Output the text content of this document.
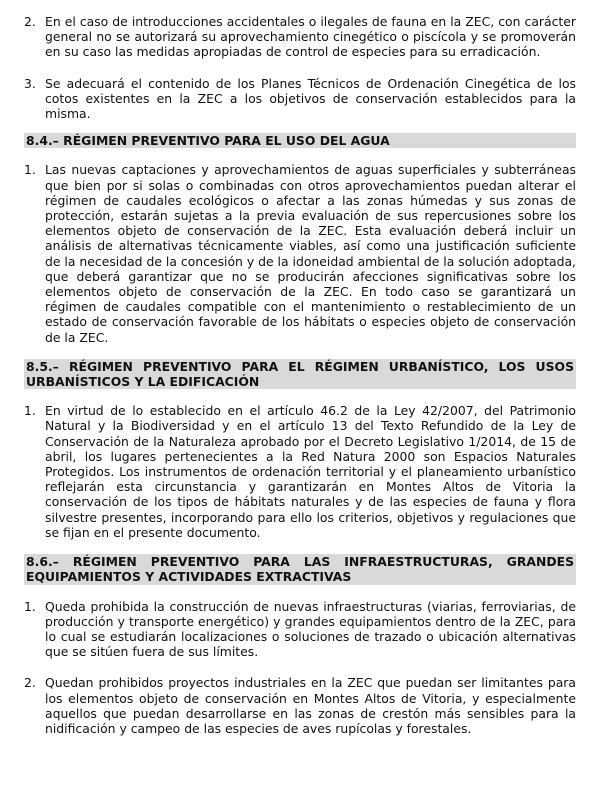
2. En el caso de introducciones accidentales o ilegales de fauna en la ZEC, con carácter general no se autorizará su aprovechamiento cinegético o piscícola y se promoverán en su caso las medidas apropiadas de control de especies para su erradicación.
3. Se adecuará el contenido de los Planes Técnicos de Ordenación Cinegética de los cotos existentes en la ZEC a los objetivos de conservación establecidos para la misma.
8.4.– RÉGIMEN PREVENTIVO PARA EL USO DEL AGUA
1. Las nuevas captaciones y aprovechamientos de aguas superficiales y subterráneas que bien por si solas o combinadas con otros aprovechamientos puedan alterar el régimen de caudales ecológicos o afectar a las zonas húmedas y sus zonas de protección, estarán sujetas a la previa evaluación de sus repercusiones sobre los elementos objeto de conservación de la ZEC. Esta evaluación deberá incluir un análisis de alternativas técnicamente viables, así como una justificación suficiente de la necesidad de la concesión y de la idoneidad ambiental de la solución adoptada, que deberá garantizar que no se producirán afecciones significativas sobre los elementos objeto de conservación de la ZEC. En todo caso se garantizará un régimen de caudales compatible con el mantenimiento o restablecimiento de un estado de conservación favorable de los hábitats o especies objeto de conservación de la ZEC.
8.5.– RÉGIMEN PREVENTIVO PARA EL RÉGIMEN URBANÍSTICO, LOS USOS URBANÍSTICOS Y LA EDIFICACIÓN
1. En virtud de lo establecido en el artículo 46.2 de la Ley 42/2007, del Patrimonio Natural y la Biodiversidad y en el artículo 13 del Texto Refundido de la Ley de Conservación de la Naturaleza aprobado por el Decreto Legislativo 1/2014, de 15 de abril, los lugares pertenecientes a la Red Natura 2000 son Espacios Naturales Protegidos. Los instrumentos de ordenación territorial y el planeamiento urbanístico reflejarán esta circunstancia y garantizarán en Montes Altos de Vitoria la conservación de los tipos de hábitats naturales y de las especies de fauna y flora silvestre presentes, incorporando para ello los criterios, objetivos y regulaciones que se fijan en el presente documento.
8.6.– RÉGIMEN PREVENTIVO PARA LAS INFRAESTRUCTURAS, GRANDES EQUIPAMIENTOS Y ACTIVIDADES EXTRACTIVAS
1. Queda prohibida la construcción de nuevas infraestructuras (viarias, ferroviarias, de producción y transporte energético) y grandes equipamientos dentro de la ZEC, para lo cual se estudiarán localizaciones o soluciones de trazado o ubicación alternativas que se sitúen fuera de sus límites.
2. Quedan prohibidos proyectos industriales en la ZEC que puedan ser limitantes para los elementos objeto de conservación en Montes Altos de Vitoria, y especialmente aquellos que puedan desarrollarse en las zonas de crestón más sensibles para la nidificación y campeo de las especies de aves rupícolas y forestales.
